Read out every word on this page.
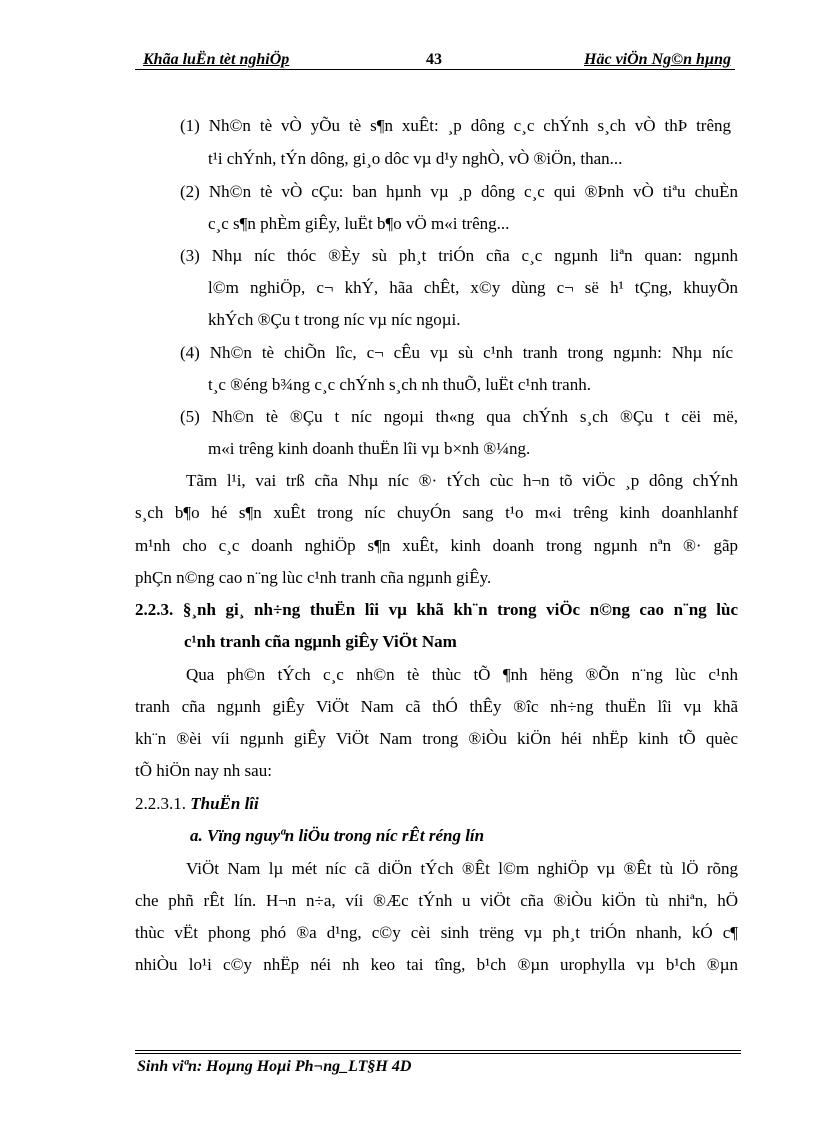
Khãa luËn tèt nghiÖp	43	Häc viÖn Ng©n hµng
(1) Nh©n tè vÒ yÕu tè s¶n xuÊt: ¸p dông c¸c chÝnh s¸ch vÒ thÞ trêng
t¹i chÝnh, tÝn dông, gi¸o dôc vµ d¹y nghÒ, vÒ ®iÖn, than...
(2) Nh©n tè vÒ cÇu: ban hµnh vµ ¸p dông c¸c qui ®Þnh vÒ tiªu chuÈn
c¸c s¶n phÈm giÊy, luËt b¶o vÖ m«i trêng...
(3) Nhµ níc thóc ®Èy sù ph¸t triÓn cña c¸c ngµnh liªn quan: ngµnh
l©m nghiÖp, c¬ khÝ, hãa chÊt, x©y dùng c¬ së h¹ tÇng, khuyÕn
khÝch ®Çu t trong níc vµ níc ngoµi.
(4) Nh©n tè chiÕn lîc, c¬ cÊu vµ sù c¹nh tranh trong ngµnh: Nhµ níc
t¸c ®éng b¾ng c¸c chÝnh s¸ch nh thuÕ, luËt c¹nh tranh.
(5) Nh©n tè ®Çu t níc ngoµi th«ng qua chÝnh s¸ch ®Çu t cëi më,
m«i trêng kinh doanh thuËn lîi vµ b×nh ®¼ng.
Tãm l¹i, vai trß cña Nhµ níc ®· tÝch cùc h¬n tõ viÖc ¸p dông chÝnh
s¸ch b¶o hé s¶n xuÊt trong níc chuyÓn sang t¹o m«i trêng kinh doanhlanhf
m¹nh cho c¸c doanh nghiÖp s¶n xuÊt, kinh doanh trong ngµnh nªn ®· gãp
phÇn n©ng cao n¨ng lùc c¹nh tranh cña ngµnh giÊy.
2.2.3. §¸nh gi¸ nh÷ng thuËn lîi vµ khã kh¨n trong viÖc n©ng cao n¨ng lùc
c¹nh tranh cña ngµnh giÊy ViÖt Nam
Qua ph©n tÝch c¸c nh©n tè thùc tÕ ¶nh hëng ®Õn n¨ng lùc c¹nh
tranh cña ngµnh giÊy ViÖt Nam cã thÓ thÊy ®îc nh÷ng thuËn lîi vµ khã
kh¨n ®èi víi ngµnh giÊy ViÖt Nam trong ®iÒu kiÖn héi nhËp kinh tÕ quèc
tÕ hiÖn nay nh sau:
2.2.3.1. ThuËn lîi
a. Vïng nguyªn liÖu trong níc rÊt réng lín
ViÖt Nam lµ mét níc cã diÖn tÝch ®Êt l©m nghiÖp vµ ®Êt tù lÖ rõng
che phñ rÊt lín. H¬n n÷a, víi ®Æc tÝnh u viÖt cña ®iÒu kiÖn tù nhiªn, hÖ
thùc vËt phong phó ®a d¹ng, c©y cèi sinh trëng vµ ph¸t triÓn nhanh, kÓ c¶
nhiÒu lo¹i c©y nhËp néi nh keo tai tîng, b¹ch ®µn urophylla vµ b¹ch ®µn
Sinh viªn: Hoµng Hoµi Ph¬ng_LT§H 4D
